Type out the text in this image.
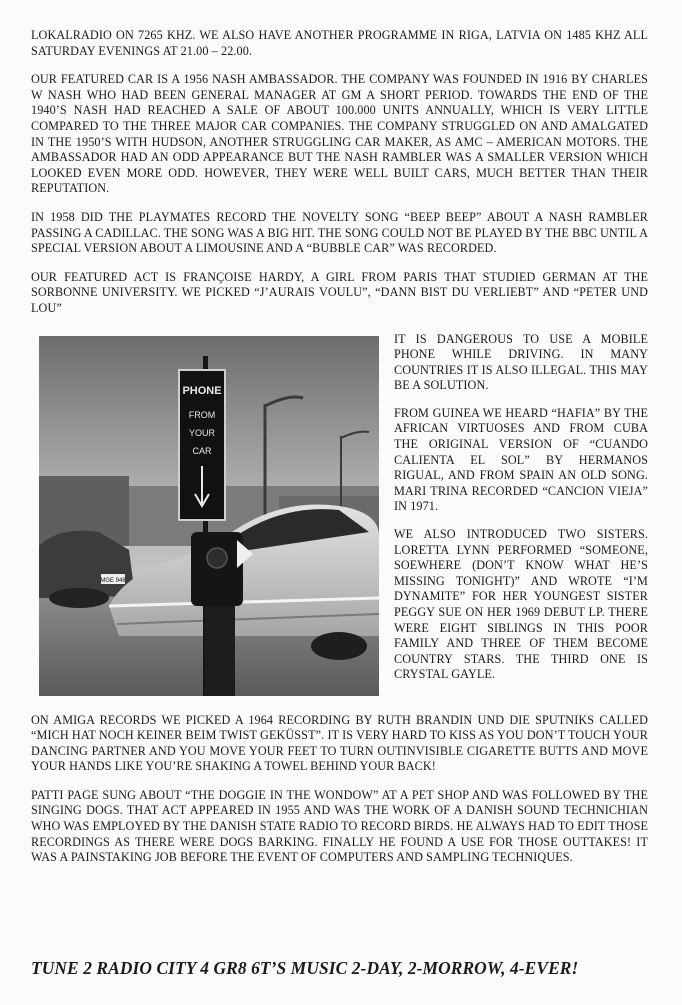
LOKALRADIO ON 7265 KHZ. WE ALSO HAVE ANOTHER PROGRAMME IN RIGA, LATVIA ON 1485 KHZ ALL SATURDAY EVENINGS AT 21.00 – 22.00.

OUR FEATURED CAR IS A 1956 NASH AMBASSADOR. THE COMPANY WAS FOUNDED IN 1916 BY CHARLES W NASH WHO HAD BEEN GENERAL MANAGER AT GM A SHORT PERIOD. TOWARDS THE END OF THE 1940’S NASH HAD REACHED A SALE OF ABOUT 100.000 UNITS ANNUALLY, WHICH IS VERY LITTLE COMPARED TO THE THREE MAJOR CAR COMPANIES. THE COMPANY STRUGGLED ON AND AMALGATED IN THE 1950’S WITH HUDSON, ANOTHER STRUGGLING CAR MAKER, AS AMC – AMERICAN MOTORS. THE AMBASSADOR HAD AN ODD APPEARANCE BUT THE NASH RAMBLER WAS A SMALLER VERSION WHICH LOOKED EVEN MORE ODD. HOWEVER, THEY WERE WELL BUILT CARS, MUCH BETTER THAN THEIR REPUTATION.

IN 1958 DID THE PLAYMATES RECORD THE NOVELTY SONG “BEEP BEEP” ABOUT A NASH RAMBLER PASSING A CADILLAC. THE SONG WAS A BIG HIT. THE SONG COULD NOT BE PLAYED BY THE BBC UNTIL A SPECIAL VERSION ABOUT A LIMOUSINE AND A “BUBBLE CAR” WAS RECORDED.

OUR FEATURED ACT IS FRANÇOISE HARDY, A GIRL FROM PARIS THAT STUDIED GERMAN AT THE SORBONNE UNIVERSITY. WE PICKED “J’AURAIS VOULU”, “DANN BIST DU VERLIEBT” AND “PETER UND LOU”

MGE 946
PHONE
FROM
YOUR
CAR

IT IS DANGEROUS TO USE A MOBILE PHONE WHILE DRIVING. IN MANY COUNTRIES IT IS ALSO ILLEGAL. THIS MAY BE A SOLUTION.

FROM GUINEA WE HEARD “HAFIA” BY THE AFRICAN VIRTUOSES AND FROM CUBA THE ORIGINAL VERSION OF “CUANDO CALIENTA EL SOL” BY HERMANOS RIGUAL, AND FROM SPAIN AN OLD SONG. MARI TRINA RECORDED “CANCION VIEJA” IN 1971.

WE ALSO INTRODUCED TWO SISTERS. LORETTA LYNN PERFORMED “SOMEONE, SOEWHERE (DON’T KNOW WHAT HE’S MISSING TONIGHT)” AND WROTE “I’M DYNAMITE” FOR HER YOUNGEST SISTER PEGGY SUE ON HER 1969 DEBUT LP. THERE WERE EIGHT SIBLINGS IN THIS POOR FAMILY AND THREE OF THEM BECOME COUNTRY STARS. THE THIRD ONE IS CRYSTAL GAYLE.

ON AMIGA RECORDS WE PICKED A 1964 RECORDING BY RUTH BRANDIN UND DIE SPUTNIKS CALLED “MICH HAT NOCH KEINER BEIM TWIST GEKÜSST”. IT IS VERY HARD TO KISS AS YOU DON’T TOUCH YOUR DANCING PARTNER AND YOU MOVE YOUR FEET TO TURN OUTINVISIBLE CIGARETTE BUTTS AND MOVE YOUR HANDS LIKE YOU’RE SHAKING A TOWEL BEHIND YOUR BACK!

PATTI PAGE SUNG ABOUT “THE DOGGIE IN THE WONDOW” AT A PET SHOP AND WAS FOLLOWED BY THE SINGING DOGS. THAT ACT APPEARED IN 1955 AND WAS THE WORK OF A DANISH SOUND TECHNICHIAN WHO WAS EMPLOYED BY THE DANISH STATE RADIO TO RECORD BIRDS. HE ALWAYS HAD TO EDIT THOSE RECORDINGS AS THERE WERE DOGS BARKING. FINALLY HE FOUND A USE FOR THOSE OUTTAKES! IT WAS A PAINSTAKING JOB BEFORE THE EVENT OF COMPUTERS AND SAMPLING TECHNIQUES.

TUNE 2 RADIO CITY 4 GR8 6T’S MUSIC 2-DAY, 2-MORROW, 4-EVER!
